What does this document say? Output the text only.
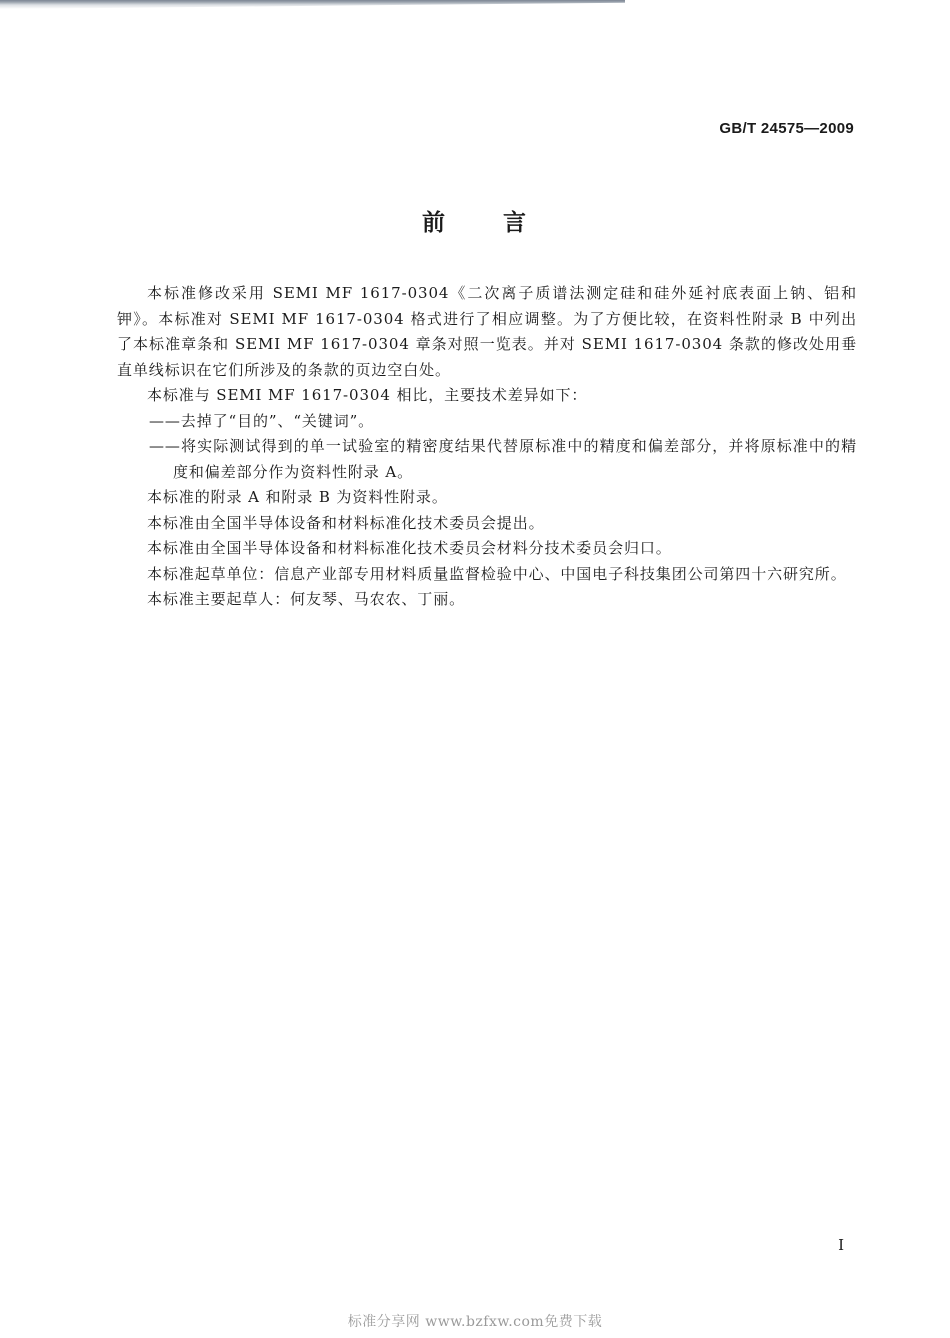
GB/T 24575—2009
前 言

本标准修改采用 SEMI MF 1617-0304《二次离子质谱法测定硅和硅外延衬底表面上钠、铝和钾》。本标准对 SEMI MF 1617-0304 格式进行了相应调整。为了方便比较，在资料性附录 B 中列出了本标准章条和 SEMI MF 1617-0304 章条对照一览表。并对 SEMI 1617-0304 条款的修改处用垂直单线标识在它们所涉及的条款的页边空白处。

本标准与 SEMI MF 1617-0304 相比，主要技术差异如下：

——去掉了“目的”、“关键词”。

——将实际测试得到的单一试验室的精密度结果代替原标准中的精度和偏差部分，并将原标准中的精度和偏差部分作为资料性附录 A。

本标准的附录 A 和附录 B 为资料性附录。

本标准由全国半导体设备和材料标准化技术委员会提出。

本标准由全国半导体设备和材料标准化技术委员会材料分技术委员会归口。

本标准起草单位：信息产业部专用材料质量监督检验中心、中国电子科技集团公司第四十六研究所。

本标准主要起草人：何友琴、马农农、丁丽。

I
标准分享网 www.bzfxw.com免费下载
